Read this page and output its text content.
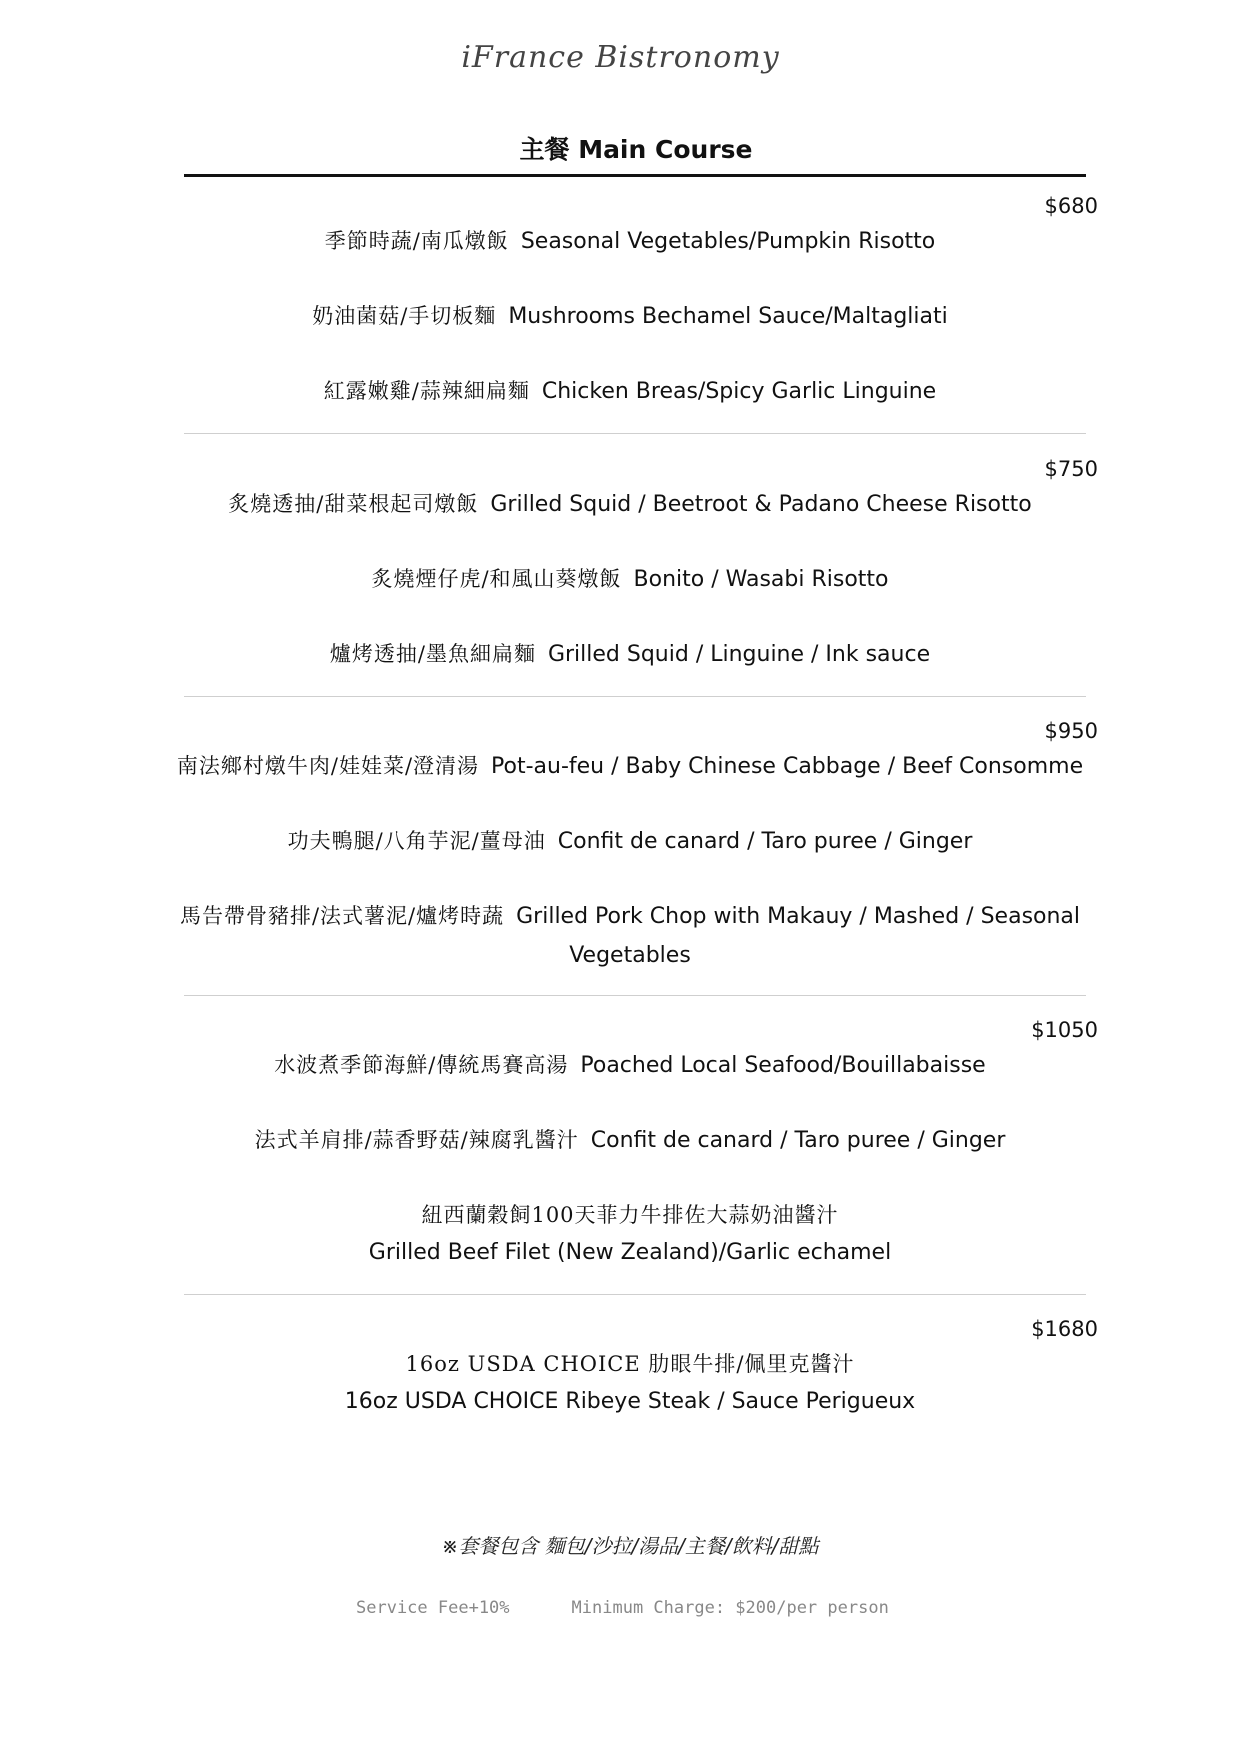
iFrance Bistronomy
主餐 Main Course
$680
季節時蔬/南瓜燉飯 Seasonal Vegetables/Pumpkin Risotto
奶油菌菇/手切板麵 Mushrooms Bechamel Sauce/Maltagliati
紅露嫩雞/蒜辣細扁麵 Chicken Breas/Spicy Garlic Linguine
$750
炙燒透抽/甜菜根起司燉飯 Grilled Squid / Beetroot & Padano Cheese Risotto
炙燒煙仔虎/和風山葵燉飯 Bonito / Wasabi Risotto
爐烤透抽/墨魚細扁麵 Grilled Squid / Linguine / Ink sauce
$950
南法鄉村燉牛肉/娃娃菜/澄清湯 Pot-au-feu / Baby Chinese Cabbage / Beef Consomme
功夫鴨腿/八角芋泥/薑母油 Confit de canard / Taro puree / Ginger
馬告帶骨豬排/法式薯泥/爐烤時蔬 Grilled Pork Chop with Makauy / Mashed / Seasonal Vegetables
$1050
水波煮季節海鮮/傳統馬賽高湯 Poached Local Seafood/Bouillabaisse
法式羊肩排/蒜香野菇/辣腐乳醬汁 Confit de canard / Taro puree / Ginger
紐西蘭穀飼100天菲力牛排佐大蒜奶油醬汁
Grilled Beef Filet (New Zealand)/Garlic echamel
$1680
16oz USDA CHOICE 肋眼牛排/佩里克醬汁
16oz USDA CHOICE Ribeye Steak / Sauce Perigueux
※套餐包含 麵包/沙拉/湯品/主餐/飲料/甜點
Service Fee+10%	Minimum Charge: $200/per person
